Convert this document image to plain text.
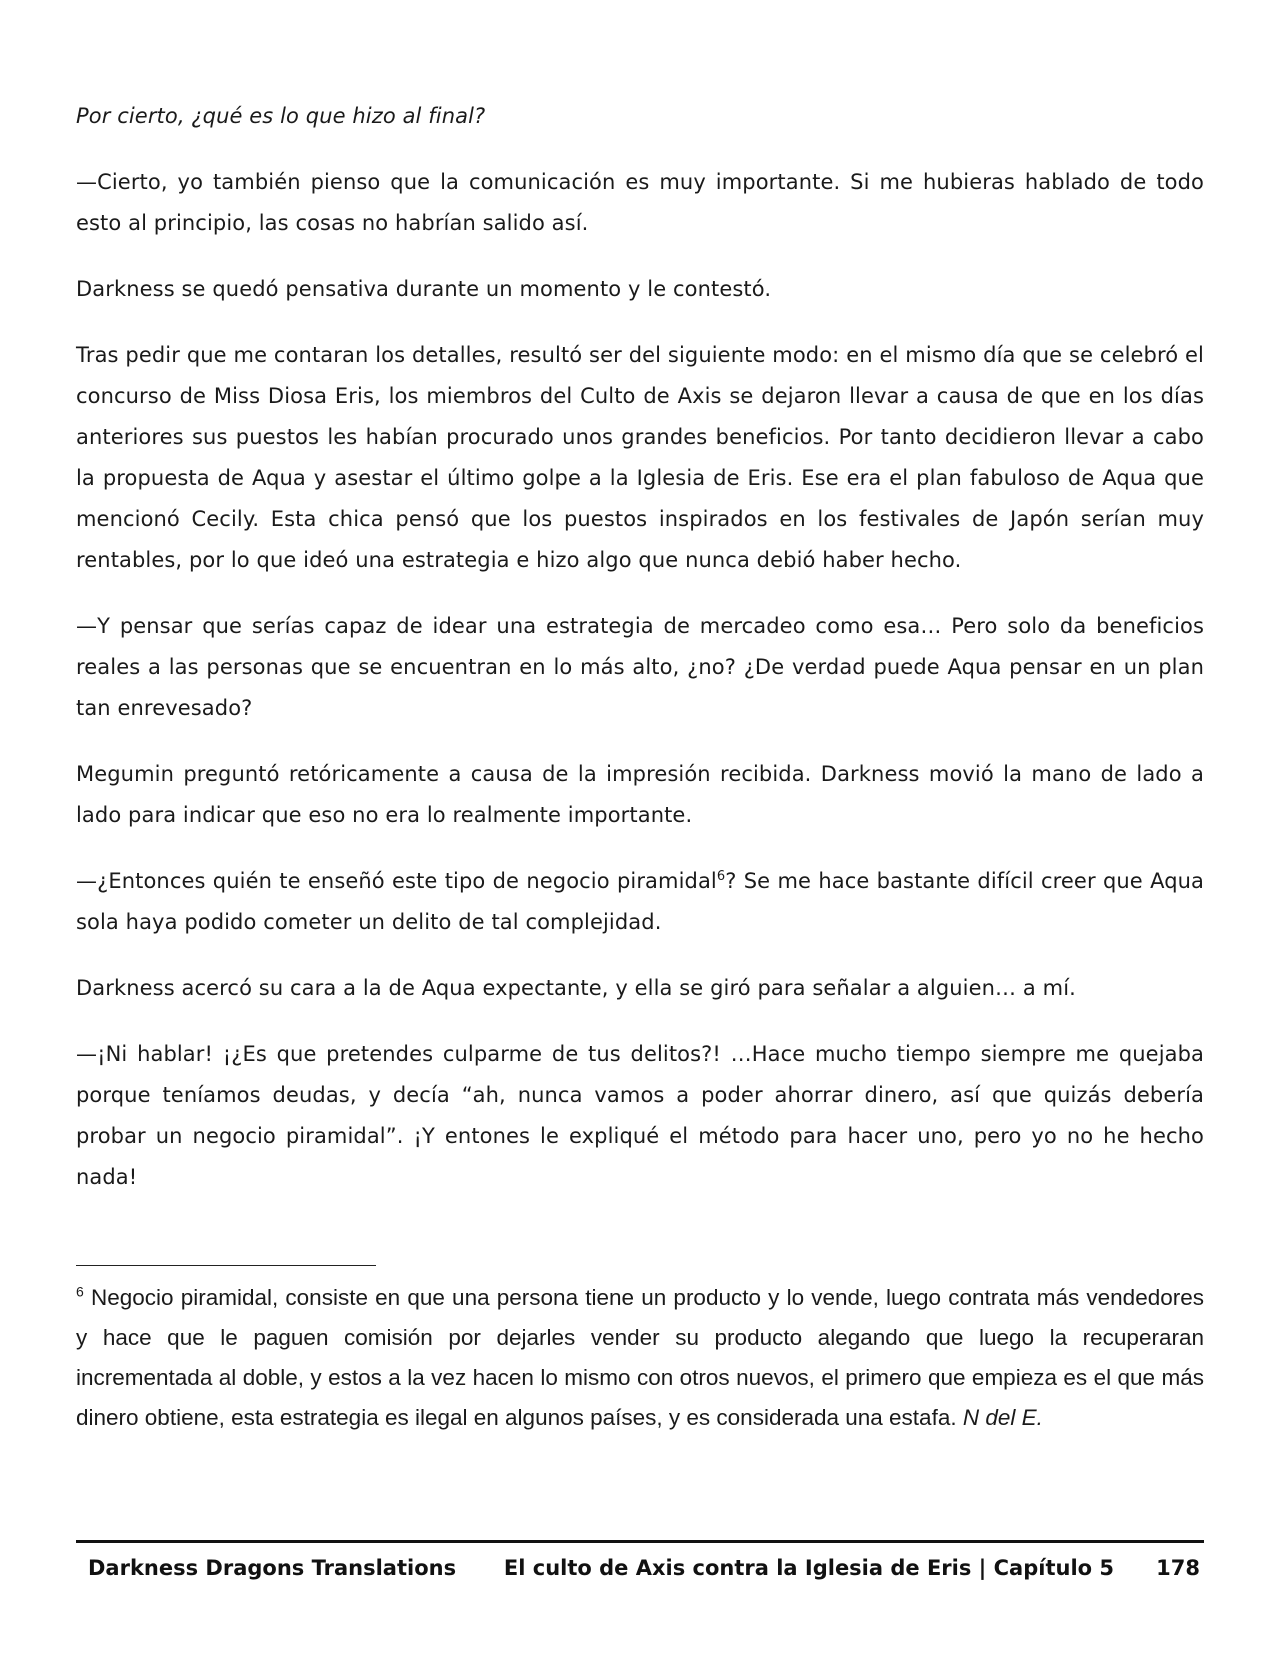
Por cierto, ¿qué es lo que hizo al final?

—Cierto, yo también pienso que la comunicación es muy importante. Si me hubieras hablado de todo esto al principio, las cosas no habrían salido así.

Darkness se quedó pensativa durante un momento y le contestó.

Tras pedir que me contaran los detalles, resultó ser del siguiente modo: en el mismo día que se celebró el concurso de Miss Diosa Eris, los miembros del Culto de Axis se dejaron llevar a causa de que en los días anteriores sus puestos les habían procurado unos grandes beneficios. Por tanto decidieron llevar a cabo la propuesta de Aqua y asestar el último golpe a la Iglesia de Eris. Ese era el plan fabuloso de Aqua que mencionó Cecily. Esta chica pensó que los puestos inspirados en los festivales de Japón serían muy rentables, por lo que ideó una estrategia e hizo algo que nunca debió haber hecho.

—Y pensar que serías capaz de idear una estrategia de mercadeo como esa… Pero solo da beneficios reales a las personas que se encuentran en lo más alto, ¿no? ¿De verdad puede Aqua pensar en un plan tan enrevesado?

Megumin preguntó retóricamente a causa de la impresión recibida. Darkness movió la mano de lado a lado para indicar que eso no era lo realmente importante.

—¿Entonces quién te enseñó este tipo de negocio piramidal$^6$? Se me hace bastante difícil creer que Aqua sola haya podido cometer un delito de tal complejidad.

Darkness acercó su cara a la de Aqua expectante, y ella se giró para señalar a alguien… a mí.

—¡Ni hablar! ¡¿Es que pretendes culparme de tus delitos?! …Hace mucho tiempo siempre me quejaba porque teníamos deudas, y decía “ah, nunca vamos a poder ahorrar dinero, así que quizás debería probar un negocio piramidal”. ¡Y entones le expliqué el método para hacer uno, pero yo no he hecho nada!

$^6$ Negocio piramidal, consiste en que una persona tiene un producto y lo vende, luego contrata más vendedores y hace que le paguen comisión por dejarles vender su producto alegando que luego la recuperaran incrementada al doble, y estos a la vez hacen lo mismo con otros nuevos, el primero que empieza es el que más dinero obtiene, esta estrategia es ilegal en algunos países, y es considerada una estafa. N del E.

Darkness Dragons Translations El culto de Axis contra la Iglesia de Eris | Capítulo 5 178
